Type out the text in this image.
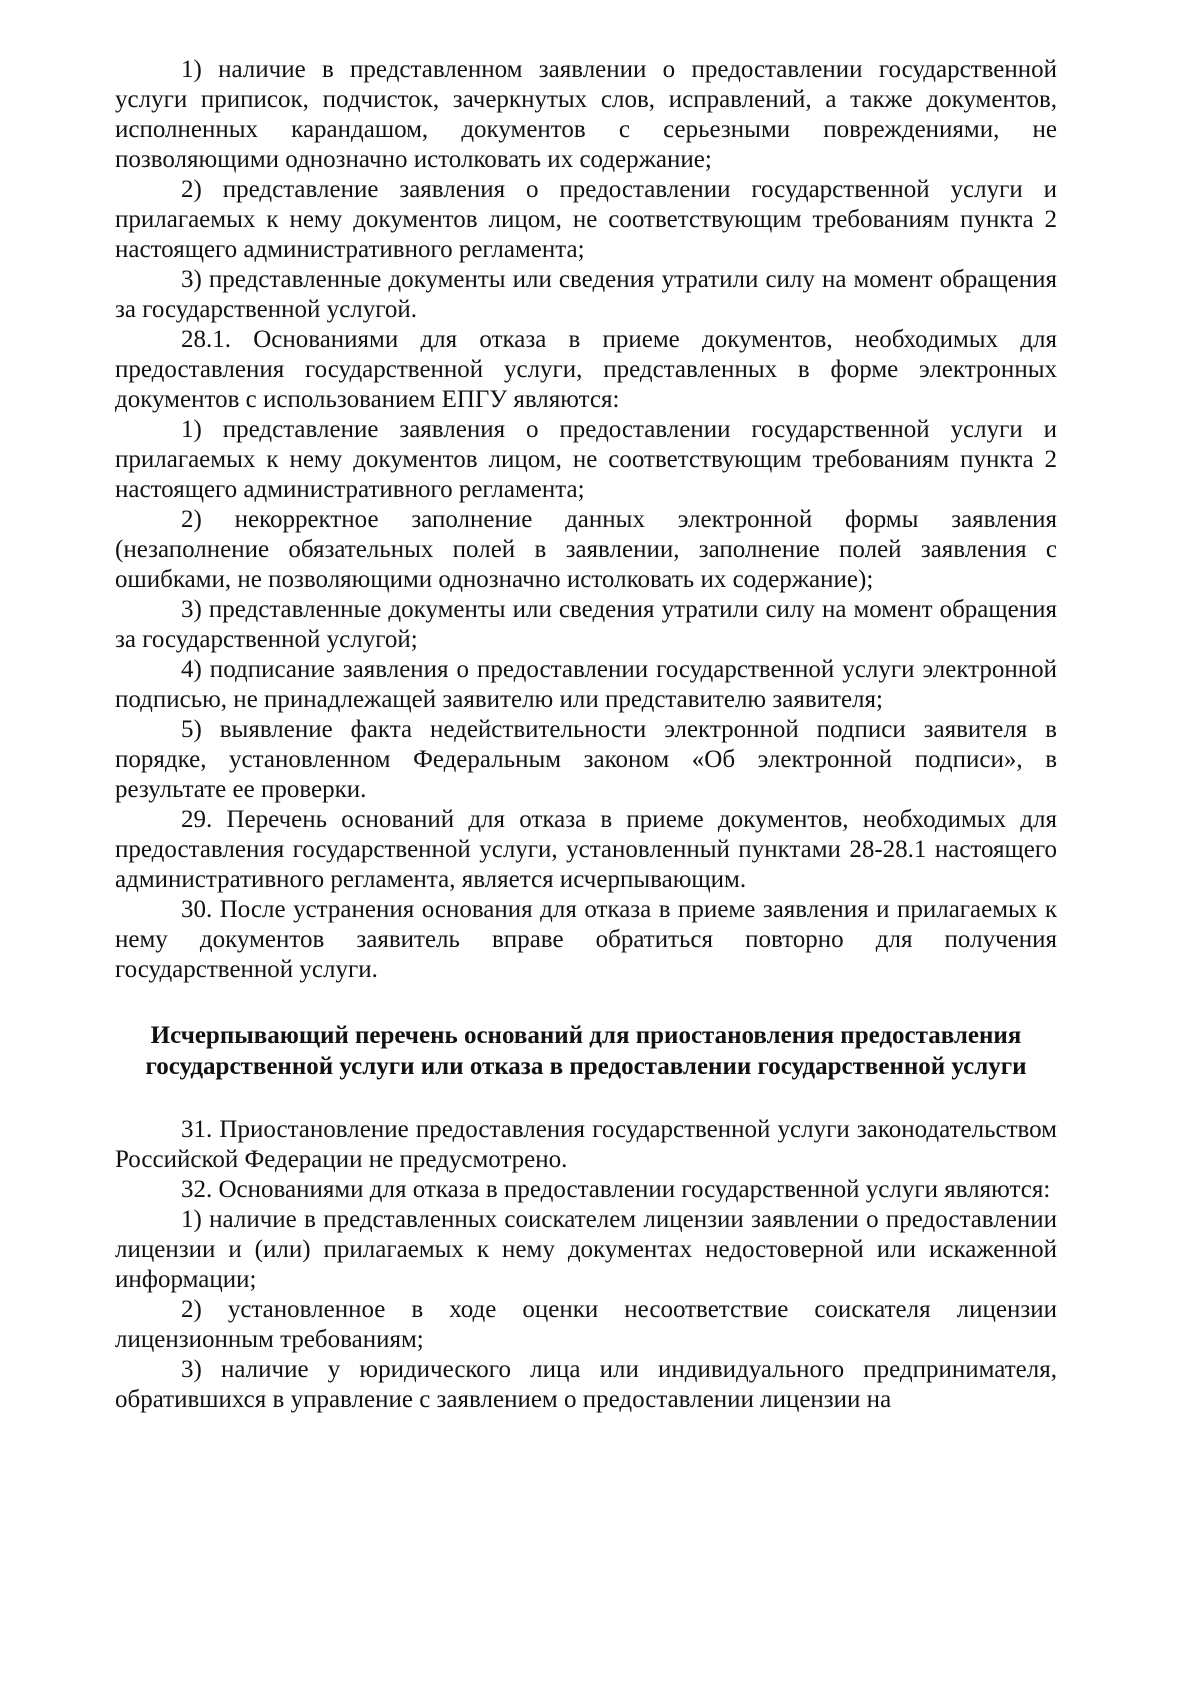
1) наличие в представленном заявлении о предоставлении государственной услуги приписок, подчисток, зачеркнутых слов, исправлений, а также документов, исполненных карандашом, документов с серьезными повреждениями, не позволяющими однозначно истолковать их содержание;

2) представление заявления о предоставлении государственной услуги и прилагаемых к нему документов лицом, не соответствующим требованиям пункта 2 настоящего административного регламента;

3) представленные документы или сведения утратили силу на момент обращения за государственной услугой.

28.1. Основаниями для отказа в приеме документов, необходимых для предоставления государственной услуги, представленных в форме электронных документов с использованием ЕПГУ являются:

1) представление заявления о предоставлении государственной услуги и прилагаемых к нему документов лицом, не соответствующим требованиям пункта 2 настоящего административного регламента;

2) некорректное заполнение данных электронной формы заявления (незаполнение обязательных полей в заявлении, заполнение полей заявления с ошибками, не позволяющими однозначно истолковать их содержание);

3) представленные документы или сведения утратили силу на момент обращения за государственной услугой;

4) подписание заявления о предоставлении государственной услуги электронной подписью, не принадлежащей заявителю или представителю заявителя;

5) выявление факта недействительности электронной подписи заявителя в порядке, установленном Федеральным законом «Об электронной подписи», в результате ее проверки.

29. Перечень оснований для отказа в приеме документов, необходимых для предоставления государственной услуги, установленный пунктами 28-28.1 настоящего административного регламента, является исчерпывающим.

30. После устранения основания для отказа в приеме заявления и прилагаемых к нему документов заявитель вправе обратиться повторно для получения государственной услуги.

Исчерпывающий перечень оснований для приостановления предоставления
государственной услуги или отказа в предоставлении государственной услуги

31. Приостановление предоставления государственной услуги законодательством Российской Федерации не предусмотрено.

32. Основаниями для отказа в предоставлении государственной услуги являются:

1) наличие в представленных соискателем лицензии заявлении о предоставлении лицензии и (или) прилагаемых к нему документах недостоверной или искаженной информации;

2) установленное в ходе оценки несоответствие соискателя лицензии лицензионным требованиям;

3) наличие у юридического лица или индивидуального предпринимателя, обратившихся в управление с заявлением о предоставлении лицензии на
